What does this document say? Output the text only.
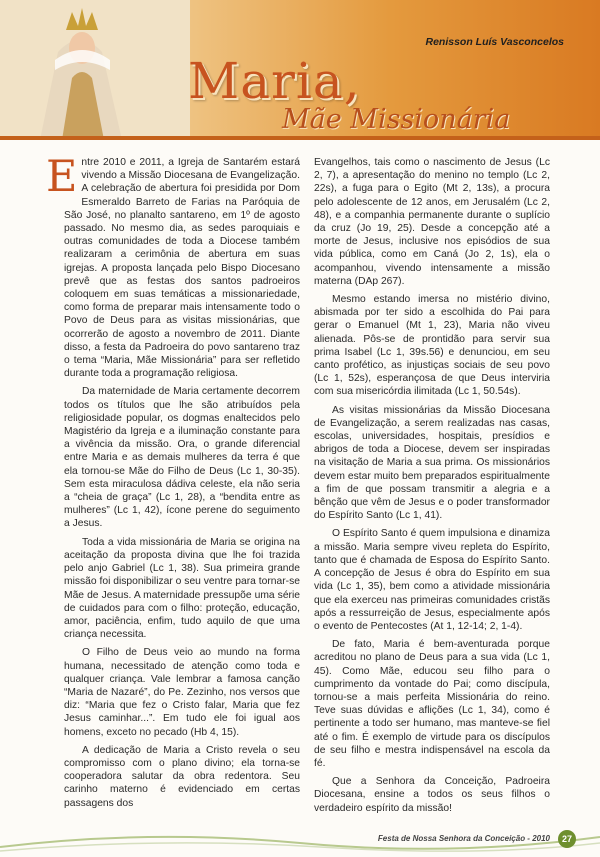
Renisson Luís Vasconcelos
Maria,
Mãe Missionária

Entre 2010 e 2011, a Igreja de Santarém estará vivendo a Missão Diocesana de Evangelização. A celebração de abertura foi presidida por Dom Esmeraldo Barreto de Farias na Paróquia de São José, no planalto santareno, em 1º de agosto passado. No mesmo dia, as sedes paroquiais e outras comunidades de toda a Diocese também realizaram a cerimônia de abertura em suas igrejas. A proposta lançada pelo Bispo Diocesano prevê que as festas dos santos padroeiros coloquem em suas temáticas a missionariedade, como forma de preparar mais intensamente todo o Povo de Deus para as visitas missionárias, que ocorrerão de agosto a novembro de 2011. Diante disso, a festa da Padroeira do povo santareno traz o tema “Maria, Mãe Missionária” para ser refletido durante toda a programação religiosa.

Da maternidade de Maria certamente decorrem todos os títulos que lhe são atribuídos pela religiosidade popular, os dogmas enaltecidos pelo Magistério da Igreja e a iluminação constante para a vivência da missão. Ora, o grande diferencial entre Maria e as demais mulheres da terra é que ela tornou-se Mãe do Filho de Deus (Lc 1, 30-35). Sem esta miraculosa dádiva celeste, ela não seria a “cheia de graça” (Lc 1, 28), a “bendita entre as mulheres” (Lc 1, 42), ícone perene do seguimento a Jesus.

Toda a vida missionária de Maria se origina na aceitação da proposta divina que lhe foi trazida pelo anjo Gabriel (Lc 1, 38). Sua primeira grande missão foi disponibilizar o seu ventre para tornar-se Mãe de Jesus. A maternidade pressupõe uma série de cuidados para com o filho: proteção, educação, amor, paciência, enfim, tudo aquilo de que uma criança necessita.

O Filho de Deus veio ao mundo na forma humana, necessitado de atenção como toda e qualquer criança. Vale lembrar a famosa canção “Maria de Nazaré”, do Pe. Zezinho, nos versos que diz: “Maria que fez o Cristo falar, Maria que fez Jesus caminhar...”. Em tudo ele foi igual aos homens, exceto no pecado (Hb 4, 15).

A dedicação de Maria a Cristo revela o seu compromisso com o plano divino; ela torna-se cooperadora salutar da obra redentora. Seu carinho materno é evidenciado em certas passagens dos

Evangelhos, tais como o nascimento de Jesus (Lc 2, 7), a apresentação do menino no templo (Lc 2, 22s), a fuga para o Egito (Mt 2, 13s), a procura pelo adolescente de 12 anos, em Jerusalém (Lc 2, 48), e a companhia permanente durante o suplício da cruz (Jo 19, 25). Desde a concepção até a morte de Jesus, inclusive nos episódios de sua vida pública, como em Caná (Jo 2, 1s), ela o acompanhou, vivendo intensamente a missão materna (DAp 267).

Mesmo estando imersa no mistério divino, abismada por ter sido a escolhida do Pai para gerar o Emanuel (Mt 1, 23), Maria não viveu alienada. Pôs-se de prontidão para servir sua prima Isabel (Lc 1, 39s.56) e denunciou, em seu canto profético, as injustiças sociais de seu povo (Lc 1, 52s), esperançosa de que Deus interviria com sua misericórdia ilimitada (Lc 1, 50.54s).

As visitas missionárias da Missão Diocesana de Evangelização, a serem realizadas nas casas, escolas, universidades, hospitais, presídios e abrigos de toda a Diocese, devem ser inspiradas na visitação de Maria a sua prima. Os missionários devem estar muito bem preparados espiritualmente a fim de que possam transmitir a alegria e a bênção que vêm de Jesus e o poder transformador do Espírito Santo (Lc 1, 41).

O Espírito Santo é quem impulsiona e dinamiza a missão. Maria sempre viveu repleta do Espírito, tanto que é chamada de Esposa do Espírito Santo. A concepção de Jesus é obra do Espírito em sua vida (Lc 1, 35), bem como a atividade missionária que ela exerceu nas primeiras comunidades cristãs após a ressurreição de Jesus, especialmente após o evento de Pentecostes (At 1, 12-14; 2, 1-4).

De fato, Maria é bem-aventurada porque acreditou no plano de Deus para a sua vida (Lc 1, 45). Como Mãe, educou seu filho para o cumprimento da vontade do Pai; como discípula, tornou-se a mais perfeita Missionária do reino. Teve suas dúvidas e aflições (Lc 1, 34), como é pertinente a todo ser humano, mas manteve-se fiel até o fim. É exemplo de virtude para os discípulos de seu filho e mestra indispensável na escola da fé.

Que a Senhora da Conceição, Padroeira Diocesana, ensine a todos os seus filhos o verdadeiro espírito da missão!

Festa de Nossa Senhora da Conceição - 2010	27
